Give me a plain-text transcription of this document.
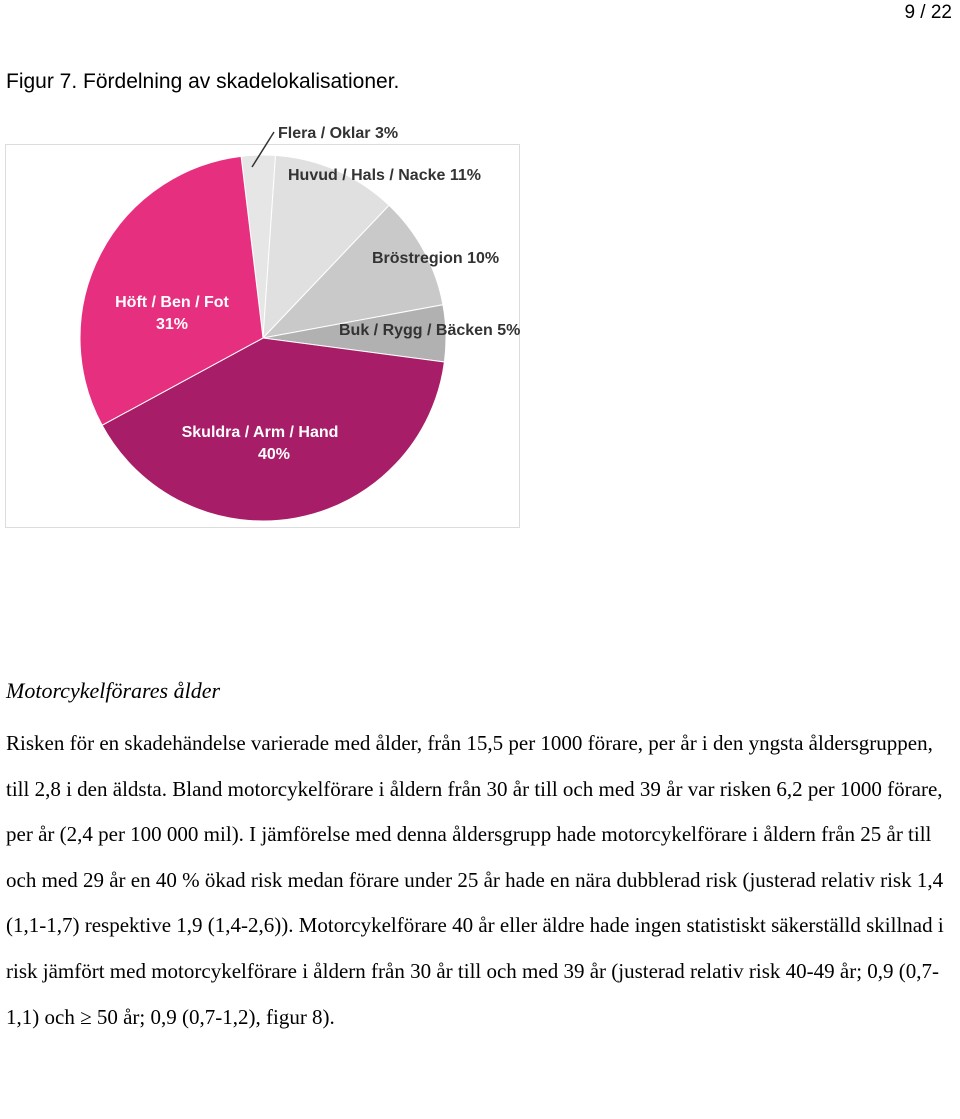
9 / 22
Figur 7. Fördelning av skadelokalisationer.
Flera / Oklar 3%
Huvud / Hals / Nacke 11%
Bröstregion 10%
Buk / Rygg / Bäcken 5%
Skuldra / Arm / Hand
40%
Höft / Ben / Fot
31%
Motorcykelförares ålder

Risken för en skadehändelse varierade med ålder, från 15,5 per 1000 förare, per år i den yngsta åldersgruppen, till 2,8 i den äldsta. Bland motorcykelförare i åldern från 30 år till och med 39 år var risken 6,2 per 1000 förare, per år (2,4 per 100 000 mil). I jämförelse med denna åldersgrupp hade motorcykelförare i åldern från 25 år till och med 29 år en 40 % ökad risk medan förare under 25 år hade en nära dubblerad risk (justerad relativ risk 1,4 (1,1-1,7) respektive 1,9 (1,4-2,6)). Motorcykelförare 40 år eller äldre hade ingen statistiskt säkerställd skillnad i risk jämfört med motorcykelförare i åldern från 30 år till och med 39 år (justerad relativ risk 40-49 år; 0,9 (0,7-1,1) och ≥ 50 år; 0,9 (0,7-1,2), figur 8).
